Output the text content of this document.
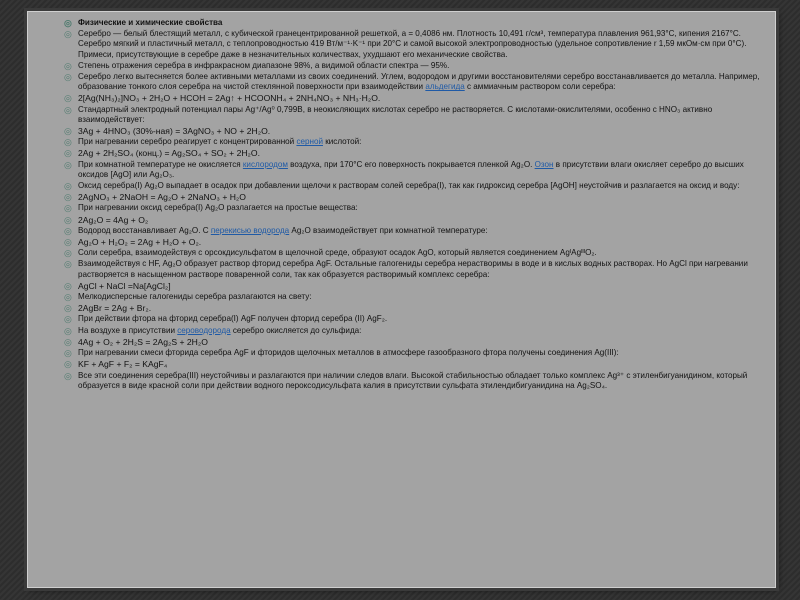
◎ Физические и химические свойства
◎ Серебро — белый блестящий металл, с кубической гранецентрированной решеткой, a = 0,4086 нм. Плотность 10,491 г/см³, температура плавления 961,93°С, кипения 2167°С. Серебро мягкий и пластичный металл, с теплопроводностью 419 Вт/м⁻¹·K⁻¹ при 20°С и самой высокой электропроводностью (удельное сопротивление r 1,59 мкОм·см при 0°С). Примеси, присутствующие в серебре даже в незначительных количествах, ухудшают его механические свойства.
◎ Степень отражения серебра в инфракрасном диапазоне 98%, а видимой области спектра — 95%.
◎ Серебро легко вытесняется более активными металлами из своих соединений. Углем, водородом и другими восстановителями серебро восстанавливается до металла. Например, образование тонкого слоя серебра на чистой стеклянной поверхности при взаимодействии альдегида с аммиачным раствором соли серебра:
◎ 2[Ag(NH₃)₂]NO₃ + 2H₂O + HCOH = 2Ag↑ + HCOONH₄ + 2NH₄NO₃ + NH₃·H₂O.
◎ Стандартный электродный потенциал пары Ag⁺/Ag⁰ 0,799В, в неокисляющих кислотах серебро не растворяется. С кислотами-окислителями, особенно с HNO₃ активно взаимодействует:
◎ 3Ag + 4HNO₃ (30%-ная) = 3AgNO₃ + NO + 2H₂O.
◎ При нагревании серебро реагирует с концентрированной серной кислотой:
◎ 2Ag + 2H₂SO₄ (конц.) = Ag₂SO₄ + SO₂ + 2H₂O.
◎ При комнатной температуре не окисляется кислородом воздуха, при 170°С его поверхность покрывается пленкой Ag₂O. Озон в присутствии влаги окисляет серебро до высших оксидов [AgO] или Ag₂O₃.
◎ Оксид серебра(I) Ag₂O выпадает в осадок при добавлении щелочи к растворам солей серебра(I), так как гидроксид серебра [AgOH] неустойчив и разлагается на оксид и воду:
◎ 2AgNO₃ + 2NaOH = Ag₂O + 2NaNO₃ + H₂O
◎ При нагревании оксид серебра(I) Ag₂O разлагается на простые вещества:
◎ 2Ag₂O = 4Ag + O₂
◎ Водород восстанавливает Ag₂O. С перекисью водорода Ag₂O взаимодействует при комнатной температуре:
◎ Ag₂O + H₂O₂ = 2Ag + H₂O + O₂.
◎ Соли серебра, взаимодействуя с орсокдисульфатом в щелочной среде, образуют осадок AgO, который является соединением AgᴵAgᴵᴵᴵO₂.
◎ Взаимодействуя с HF, Ag₂O образует раствор фторид серебра AgF. Остальные галогениды серебра нерастворимы в воде и в кислых водных растворах. Но AgCl при нагревании растворяется в насыщенном растворе поваренной соли, так как образуется растворимый комплекс серебра:
◎ AgCl + NaCl =Na[AgCl₂]
◎ Мелкодисперсные галогениды серебра разлагаются на свету:
◎ 2AgBr = 2Ag + Br₂.
◎ При действии фтора на фторид серебра(I) AgF получен фторид серебра (II) AgF₂.
◎ На воздухе в присутствии сероводорода серебро окисляется до сульфида:
◎ 4Ag + O₂ + 2H₂S = 2Ag₂S + 2H₂O
◎ При нагревании смеси фторида серебра AgF и фторидов щелочных металлов в атмосфере газообразного фтора получены соединения Ag(III):
◎ KF + AgF + F₂ = KAgF₄
◎ Все эти соединения серебра(III) неустойчивы и разлагаются при наличии следов влаги. Высокой стабильностью обладает только комплекс Ag³⁺ с этиленбигуанидином, который образуется в виде красной соли при действии водного пероксодисульфата калия в присутствии сульфата этилендибигуанидина на Ag₂SO₄.
